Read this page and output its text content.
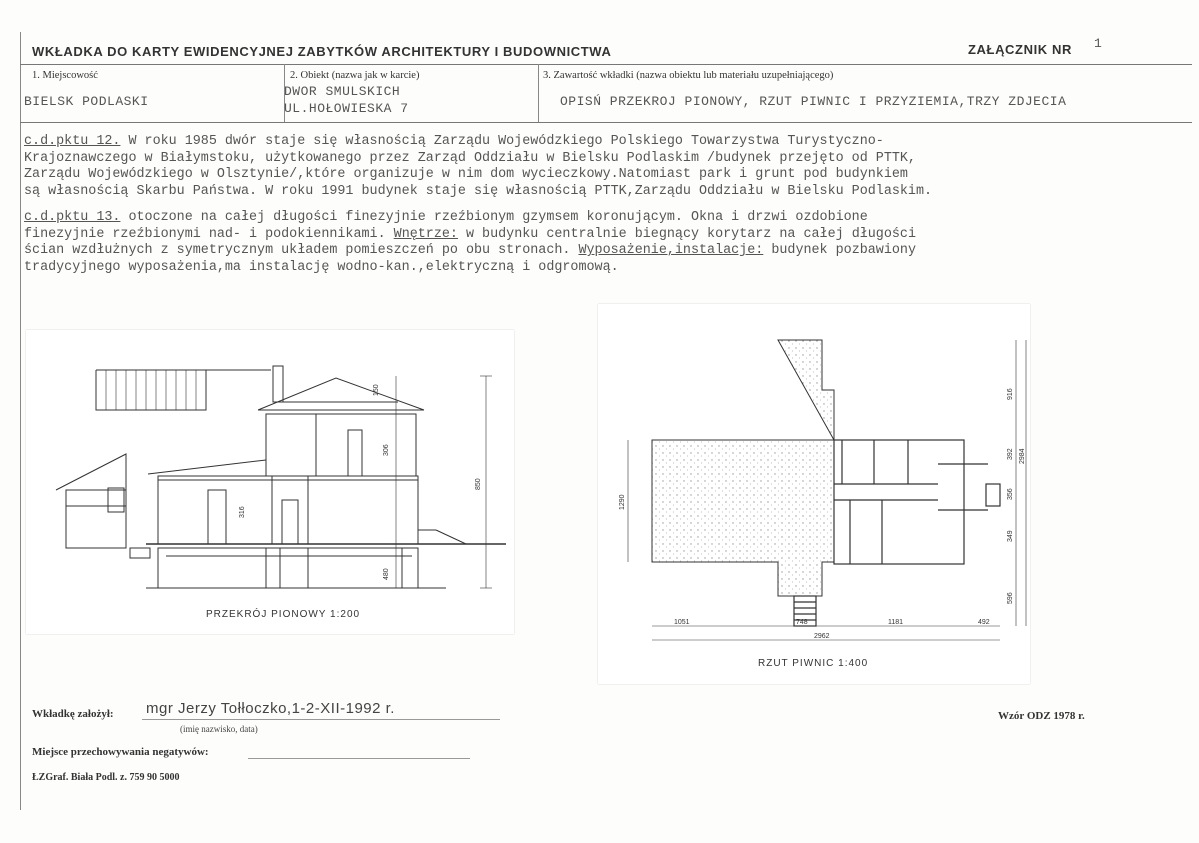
WKŁADKA DO KARTY EWIDENCYJNEJ ZABYTKÓW ARCHITEKTURY I BUDOWNICTWA	ZAŁĄCZNIK NR 1
1. Miejscowość
BIELSK PODLASKI
2. Obiekt (nazwa jak w karcie)
DWOR SMULSKICH
UL.HOŁOWIESKA 7
3. Zawartość wkładki (nazwa obiektu lub materiału uzupełniającego)
OPISŃ PRZEKROJ PIONOWY, RZUT PIWNIC I PRZYZIEMIA,TRZY ZDJECIA
c.d.pktu 12. W roku 1985 dwór staje się własnością Zarządu Wojewódzkiego Polskiego Towarzystwa Turystyczno-
Krajoznawczego w Białymstoku, użytkowanego przez Zarząd Oddziału w Bielsku Podlaskim /budynek przejęto od PTTK,
Zarządu Wojewódzkiego w Olsztynie/,które organizuje w nim dom wycieczkowy.Natomiast park i grunt pod budynkiem
są własnością Skarbu Państwa. W roku 1991 budynek staje się własnością PTTK,Zarządu Oddziału w Bielsku Podlaskim.
c.d.pktu 13. otoczone na całej długości finezyjnie rzeźbionym gzymsem koronującym. Okna i drzwi ozdobione
finezyjnie rzeźbionymi nad- i podokiennikami. Wnętrze: w budynku centralnie biegnący korytarz na całej długości
ścian wzdłużnych z symetrycznym układem pomieszczeń po obu stronach. Wyposażenie,instalacje: budynek pozbawiony
tradycyjnego wyposażenia,ma instalację wodno-kan.,elektryczną i odgromową.
150
306
316
480
850
PRZEKRÓJ PIONOWY 1:200
1051	748	1181	492
2962
1290
916
392
356
349
596
2984
RZUT PIWNIC 1:400
Wkładkę założył: mgr Jerzy Tołłoczko,1-2-XII-1992 r.
(imię nazwisko, data)
Wzór ODZ 1978 r.
Miejsce przechowywania negatywów:
ŁZGraf. Biała Podl. z. 759 90 5000
